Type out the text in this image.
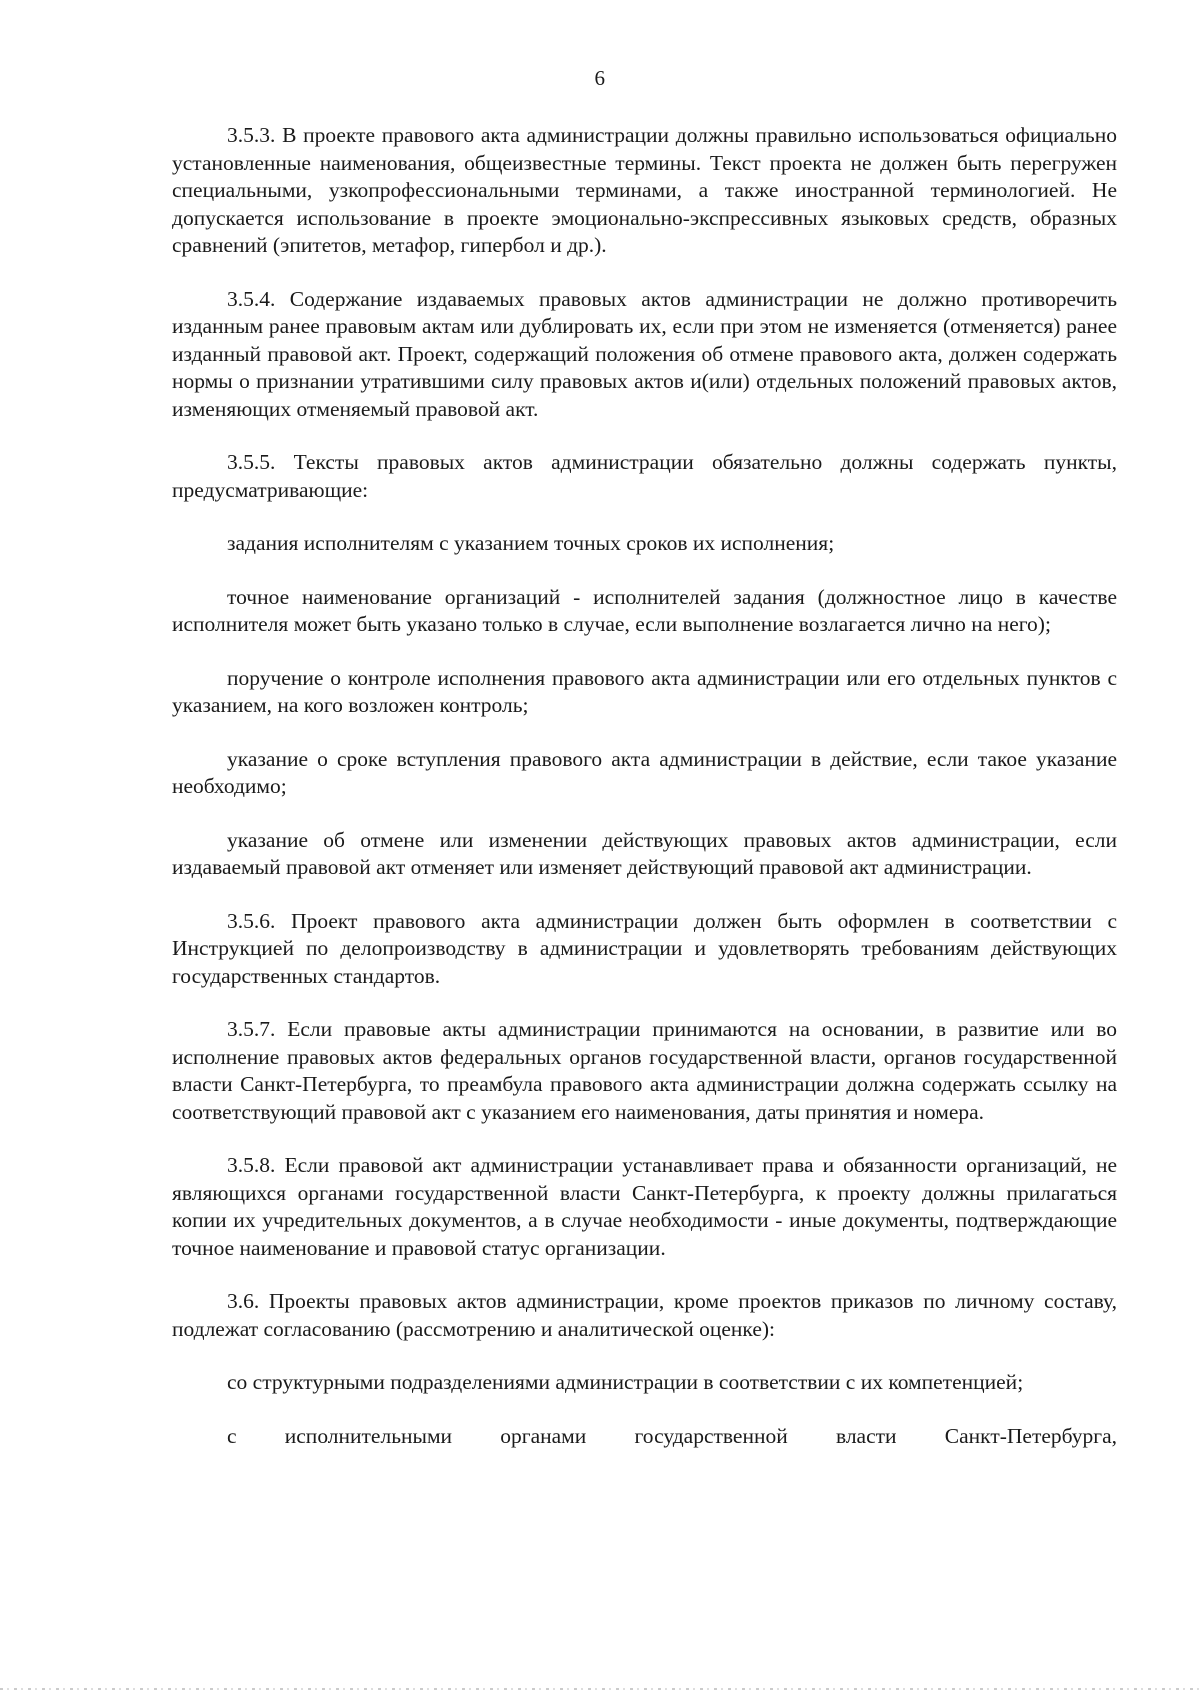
6

3.5.3. В проекте правового акта администрации должны правильно использоваться официально установленные наименования, общеизвестные термины. Текст проекта не должен быть перегружен специальными, узкопрофессиональными терминами, а также иностранной терминологией. Не допускается использование в проекте эмоционально-экспрессивных языковых средств, образных сравнений (эпитетов, метафор, гипербол и др.).

3.5.4. Содержание издаваемых правовых актов администрации не должно противоречить изданным ранее правовым актам или дублировать их, если при этом не изменяется (отменяется) ранее изданный правовой акт. Проект, содержащий положения об отмене правового акта, должен содержать нормы о признании утратившими силу правовых актов и(или) отдельных положений правовых актов, изменяющих отменяемый правовой акт.

3.5.5. Тексты правовых актов администрации обязательно должны содержать пункты, предусматривающие:

задания исполнителям с указанием точных сроков их исполнения;

точное наименование организаций - исполнителей задания (должностное лицо в качестве исполнителя может быть указано только в случае, если выполнение возлагается лично на него);

поручение о контроле исполнения правового акта администрации или его отдельных пунктов с указанием, на кого возложен контроль;

указание о сроке вступления правового акта администрации в действие, если такое указание необходимо;

указание об отмене или изменении действующих правовых актов администрации, если издаваемый правовой акт отменяет или изменяет действующий правовой акт администрации.

3.5.6. Проект правового акта администрации должен быть оформлен в соответствии с Инструкцией по делопроизводству в администрации и удовлетворять требованиям действующих государственных стандартов.

3.5.7. Если правовые акты администрации принимаются на основании, в развитие или во исполнение правовых актов федеральных органов государственной власти, органов государственной власти Санкт-Петербурга, то преамбула правового акта администрации должна содержать ссылку на соответствующий правовой акт с указанием его наименования, даты принятия и номера.

3.5.8. Если правовой акт администрации устанавливает права и обязанности организаций, не являющихся органами государственной власти Санкт-Петербурга, к проекту должны прилагаться копии их учредительных документов, а в случае необходимости - иные документы, подтверждающие точное наименование и правовой статус организации.

3.6. Проекты правовых актов администрации, кроме проектов приказов по личному составу, подлежат согласованию (рассмотрению и аналитической оценке):

со структурными подразделениями администрации в соответствии с их компетенцией;

с исполнительными органами государственной власти Санкт-Петербурга,
